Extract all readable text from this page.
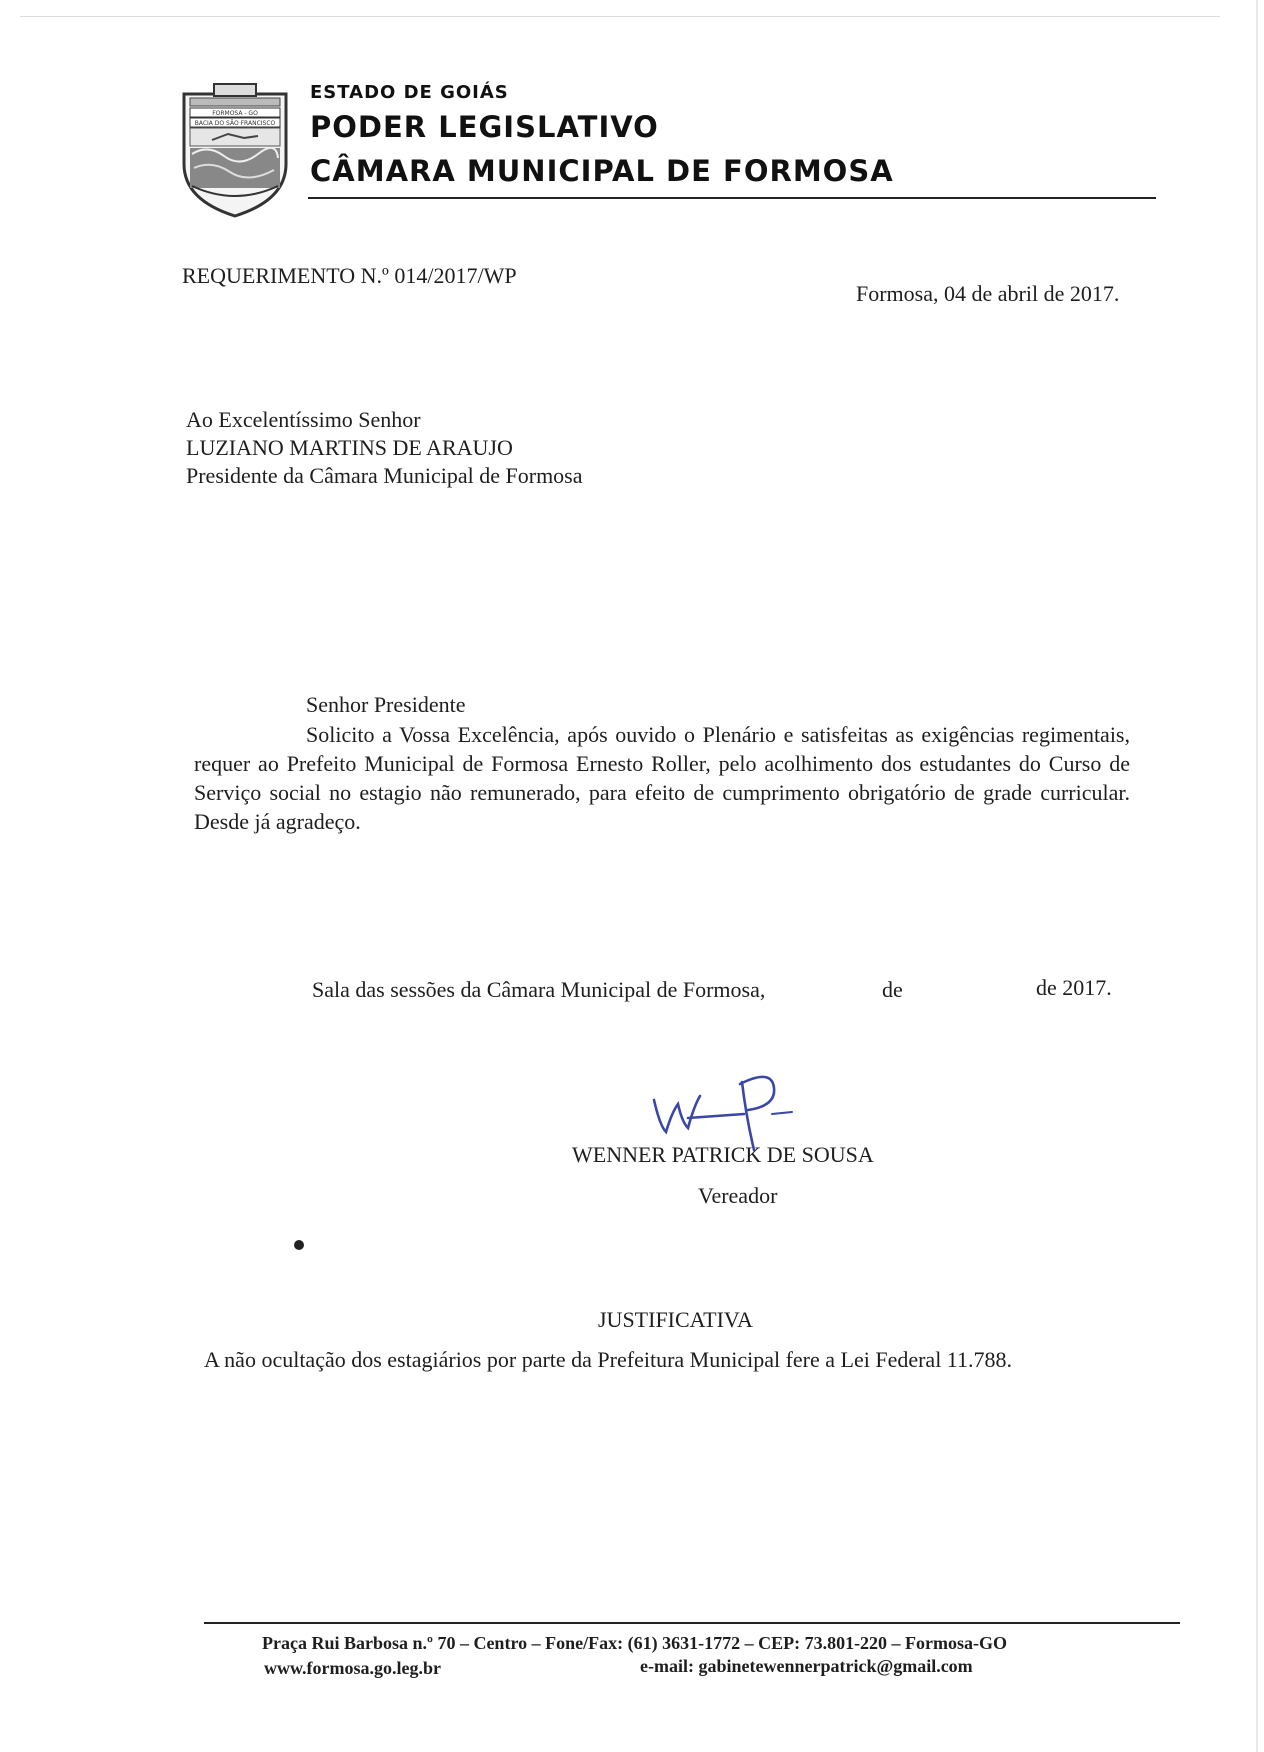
FORMOSA - GO
BACIA DO SÃO FRANCISCO
ESTADO DE GOIÁS
PODER LEGISLATIVO
CÂMARA MUNICIPAL DE FORMOSA
REQUERIMENTO N.º 014/2017/WP
Formosa, 04 de abril de 2017.
Ao Excelentíssimo Senhor
LUZIANO MARTINS DE ARAUJO
Presidente da Câmara Municipal de Formosa
Senhor Presidente
Solicito a Vossa Excelência, após ouvido o Plenário e satisfeitas as exigências regimentais, requer ao Prefeito Municipal de Formosa Ernesto Roller, pelo acolhimento dos estudantes do Curso de Serviço social no estagio não remunerado, para efeito de cumprimento obrigatório de grade curricular. Desde já agradeço.
Sala das sessões da Câmara Municipal de Formosa,	de	de 2017.
WENNER PATRICK DE SOUSA
Vereador
JUSTIFICATIVA
A não ocultação dos estagiários por parte da Prefeitura Municipal fere a Lei Federal 11.788.
Praça Rui Barbosa n.º 70 – Centro – Fone/Fax: (61) 3631-1772 – CEP: 73.801-220 – Formosa-GO
www.formosa.go.leg.br	e-mail: gabinetewennerpatrick@gmail.com
